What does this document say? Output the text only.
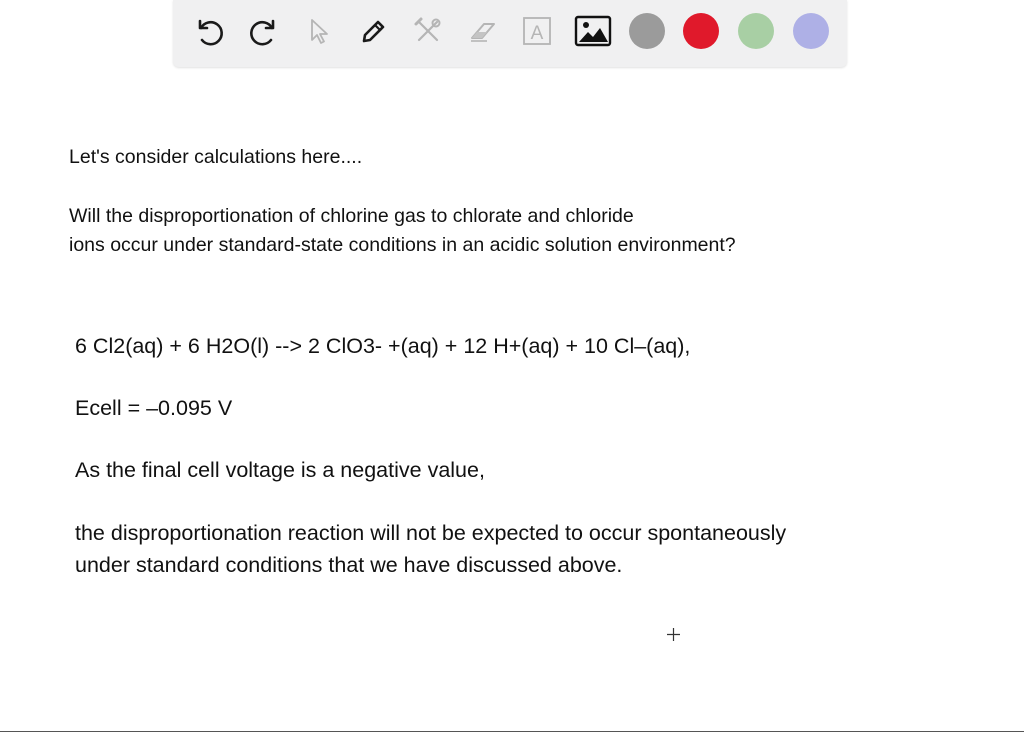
A
Let's consider calculations here....
Will the disproportionation of chlorine gas to chlorate and chloride
ions occur under standard-state conditions in an acidic solution environment?
6 Cl2(aq) + 6 H2O(l) --> 2 ClO3- +(aq) + 12 H+(aq) + 10 Cl–(aq),
Ecell = –0.095 V
As the final cell voltage is a negative value,
the disproportionation reaction will not be expected to occur spontaneously
under standard conditions that we have discussed above.
